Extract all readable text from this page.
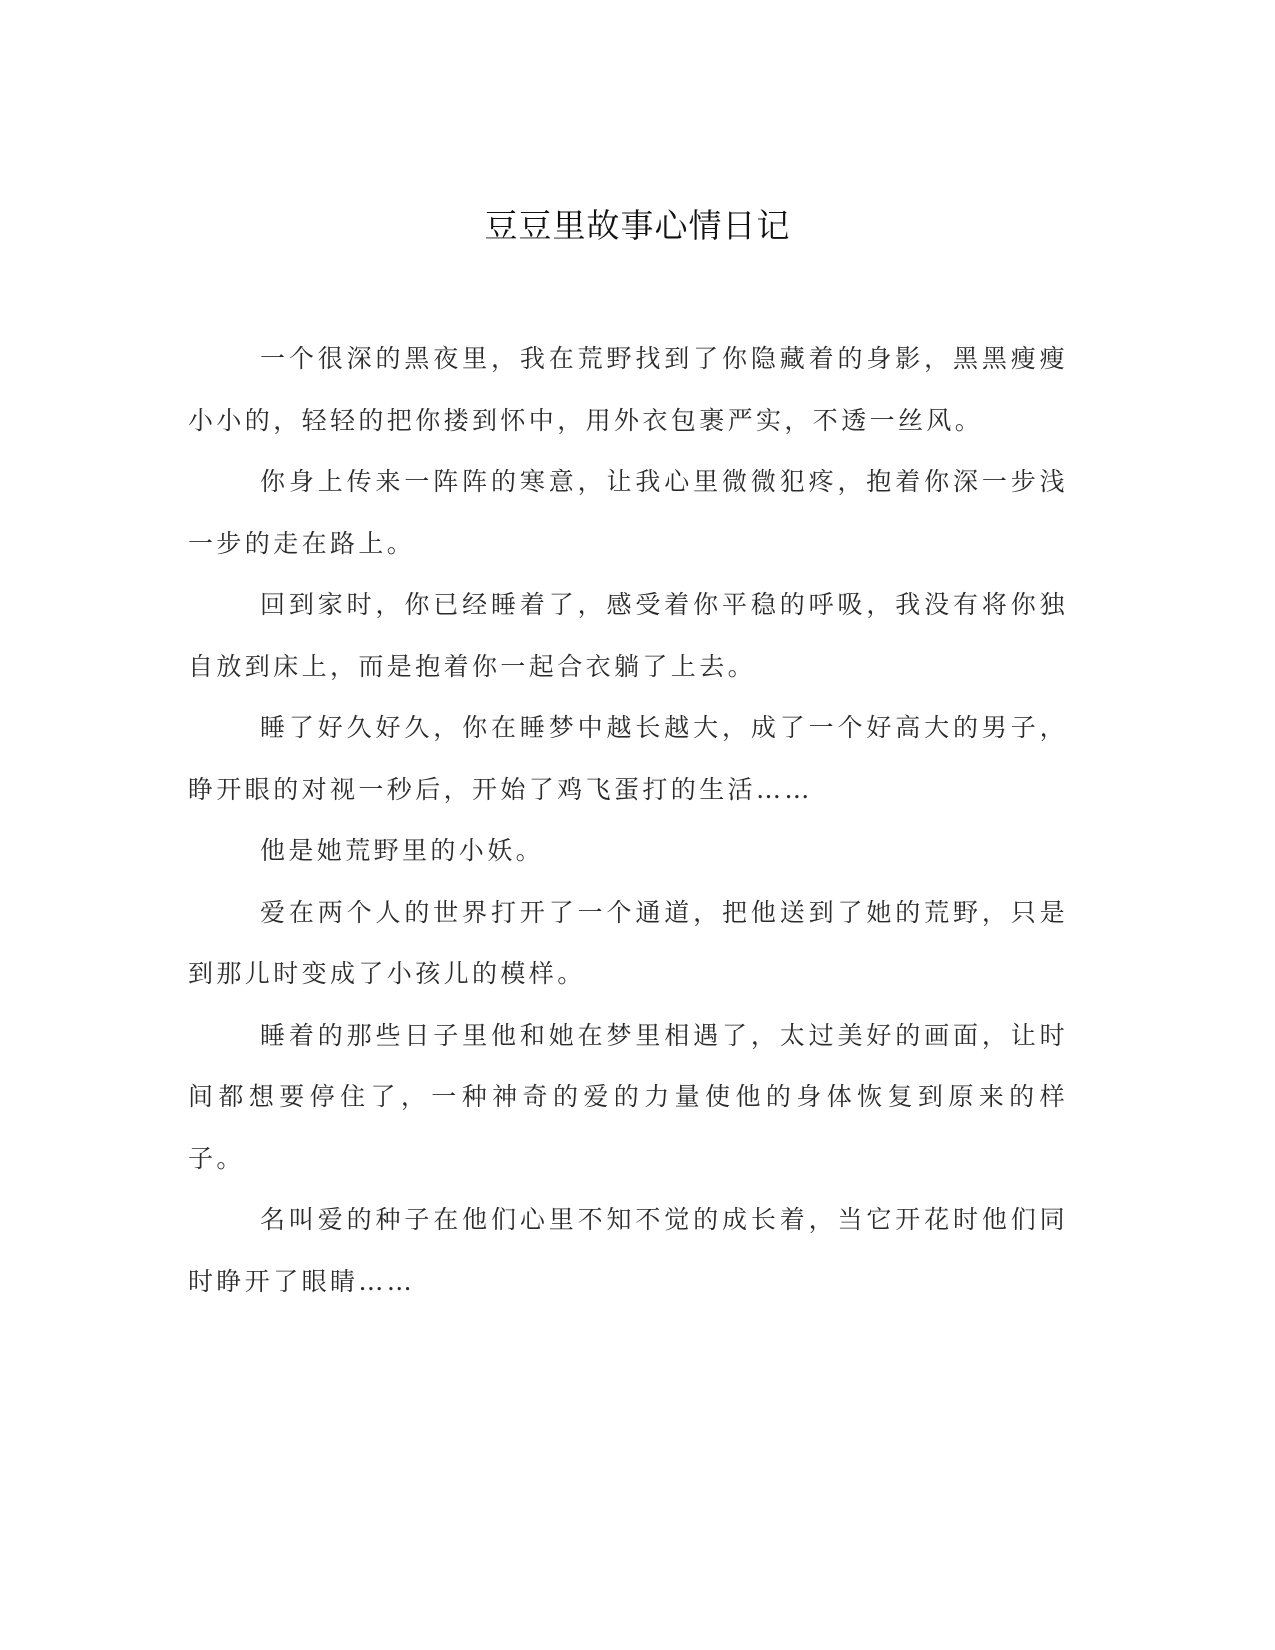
豆豆里故事心情日记

一个很深的黑夜里，我在荒野找到了你隐藏着的身影，黑黑瘦瘦小小的，轻轻的把你搂到怀中，用外衣包裹严实，不透一丝风。

你身上传来一阵阵的寒意，让我心里微微犯疼，抱着你深一步浅一步的走在路上。

回到家时，你已经睡着了，感受着你平稳的呼吸，我没有将你独自放到床上，而是抱着你一起合衣躺了上去。

睡了好久好久，你在睡梦中越长越大，成了一个好高大的男子，睁开眼的对视一秒后，开始了鸡飞蛋打的生活……

他是她荒野里的小妖。

爱在两个人的世界打开了一个通道，把他送到了她的荒野，只是到那儿时变成了小孩儿的模样。

睡着的那些日子里他和她在梦里相遇了，太过美好的画面，让时间都想要停住了，一种神奇的爱的力量使他的身体恢复到原来的样子。

名叫爱的种子在他们心里不知不觉的成长着，当它开花时他们同时睁开了眼睛……
